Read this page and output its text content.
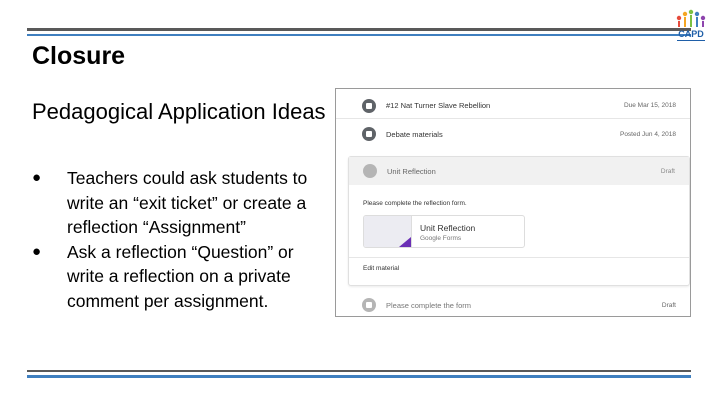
CAPD
Closure
Pedagogical Application Ideas
● Teachers could ask students to write an “exit ticket” or create a reflection “Assignment”
● Ask a reflection “Question” or write a reflection on a private comment per assignment.
#12 Nat Turner Slave Rebellion	Due Mar 15, 2018
Debate materials	Posted Jun 4, 2018
Unit Reflection	Draft
Please complete the reflection form.
Unit Reflection
Google Forms
Edit material
Please complete the form	Draft
